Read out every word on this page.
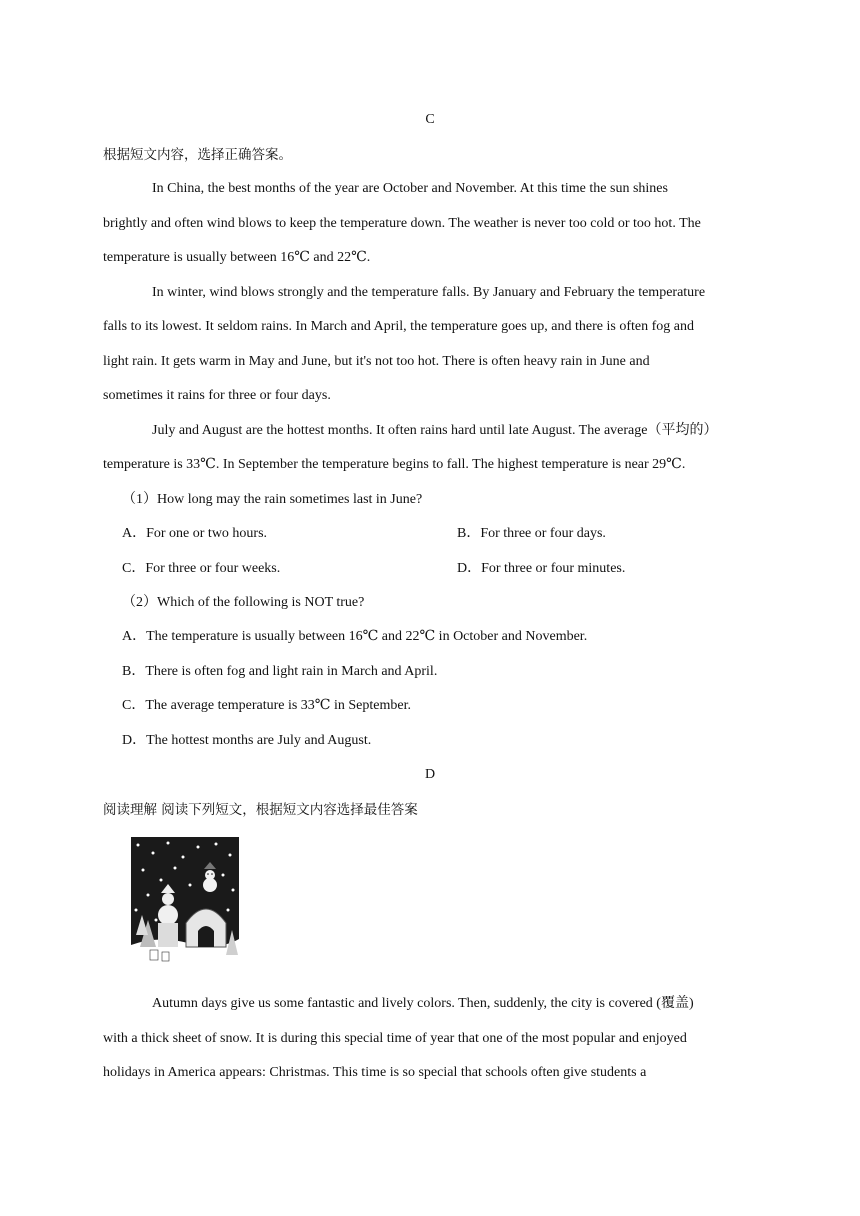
C
根据短文内容，选择正确答案。
In China, the best months of the year are October and November. At this time the sun shines
brightly and often wind blows to keep the temperature down. The weather is never too cold or too hot. The
temperature is usually between 16℃ and 22℃.
In winter, wind blows strongly and the temperature falls. By January and February the temperature
falls to its lowest. It seldom rains. In March and April, the temperature goes up, and there is often fog and
light rain. It gets warm in May and June, but it's not too hot. There is often heavy rain in June and
sometimes it rains for three or four days.
July and August are the hottest months. It often rains hard until late August. The average（平均的）
temperature is 33℃. In September the temperature begins to fall. The highest temperature is near 29℃.
（1）How long may the rain sometimes last in June?
A．For one or two hours.	B．For three or four days.
C．For three or four weeks.	D．For three or four minutes.
（2）Which of the following is NOT true?
A．The temperature is usually between 16℃ and 22℃ in October and November.
B．There is often fog and light rain in March and April.
C．The average temperature is 33℃ in September.
D．The hottest months are July and August.
D
阅读理解 阅读下列短文，根据短文内容选择最佳答案
Autumn days give us some fantastic and lively colors. Then, suddenly, the city is covered (覆盖)
with a thick sheet of snow. It is during this special time of year that one of the most popular and enjoyed
holidays in America appears: Christmas. This time is so special that schools often give students a
